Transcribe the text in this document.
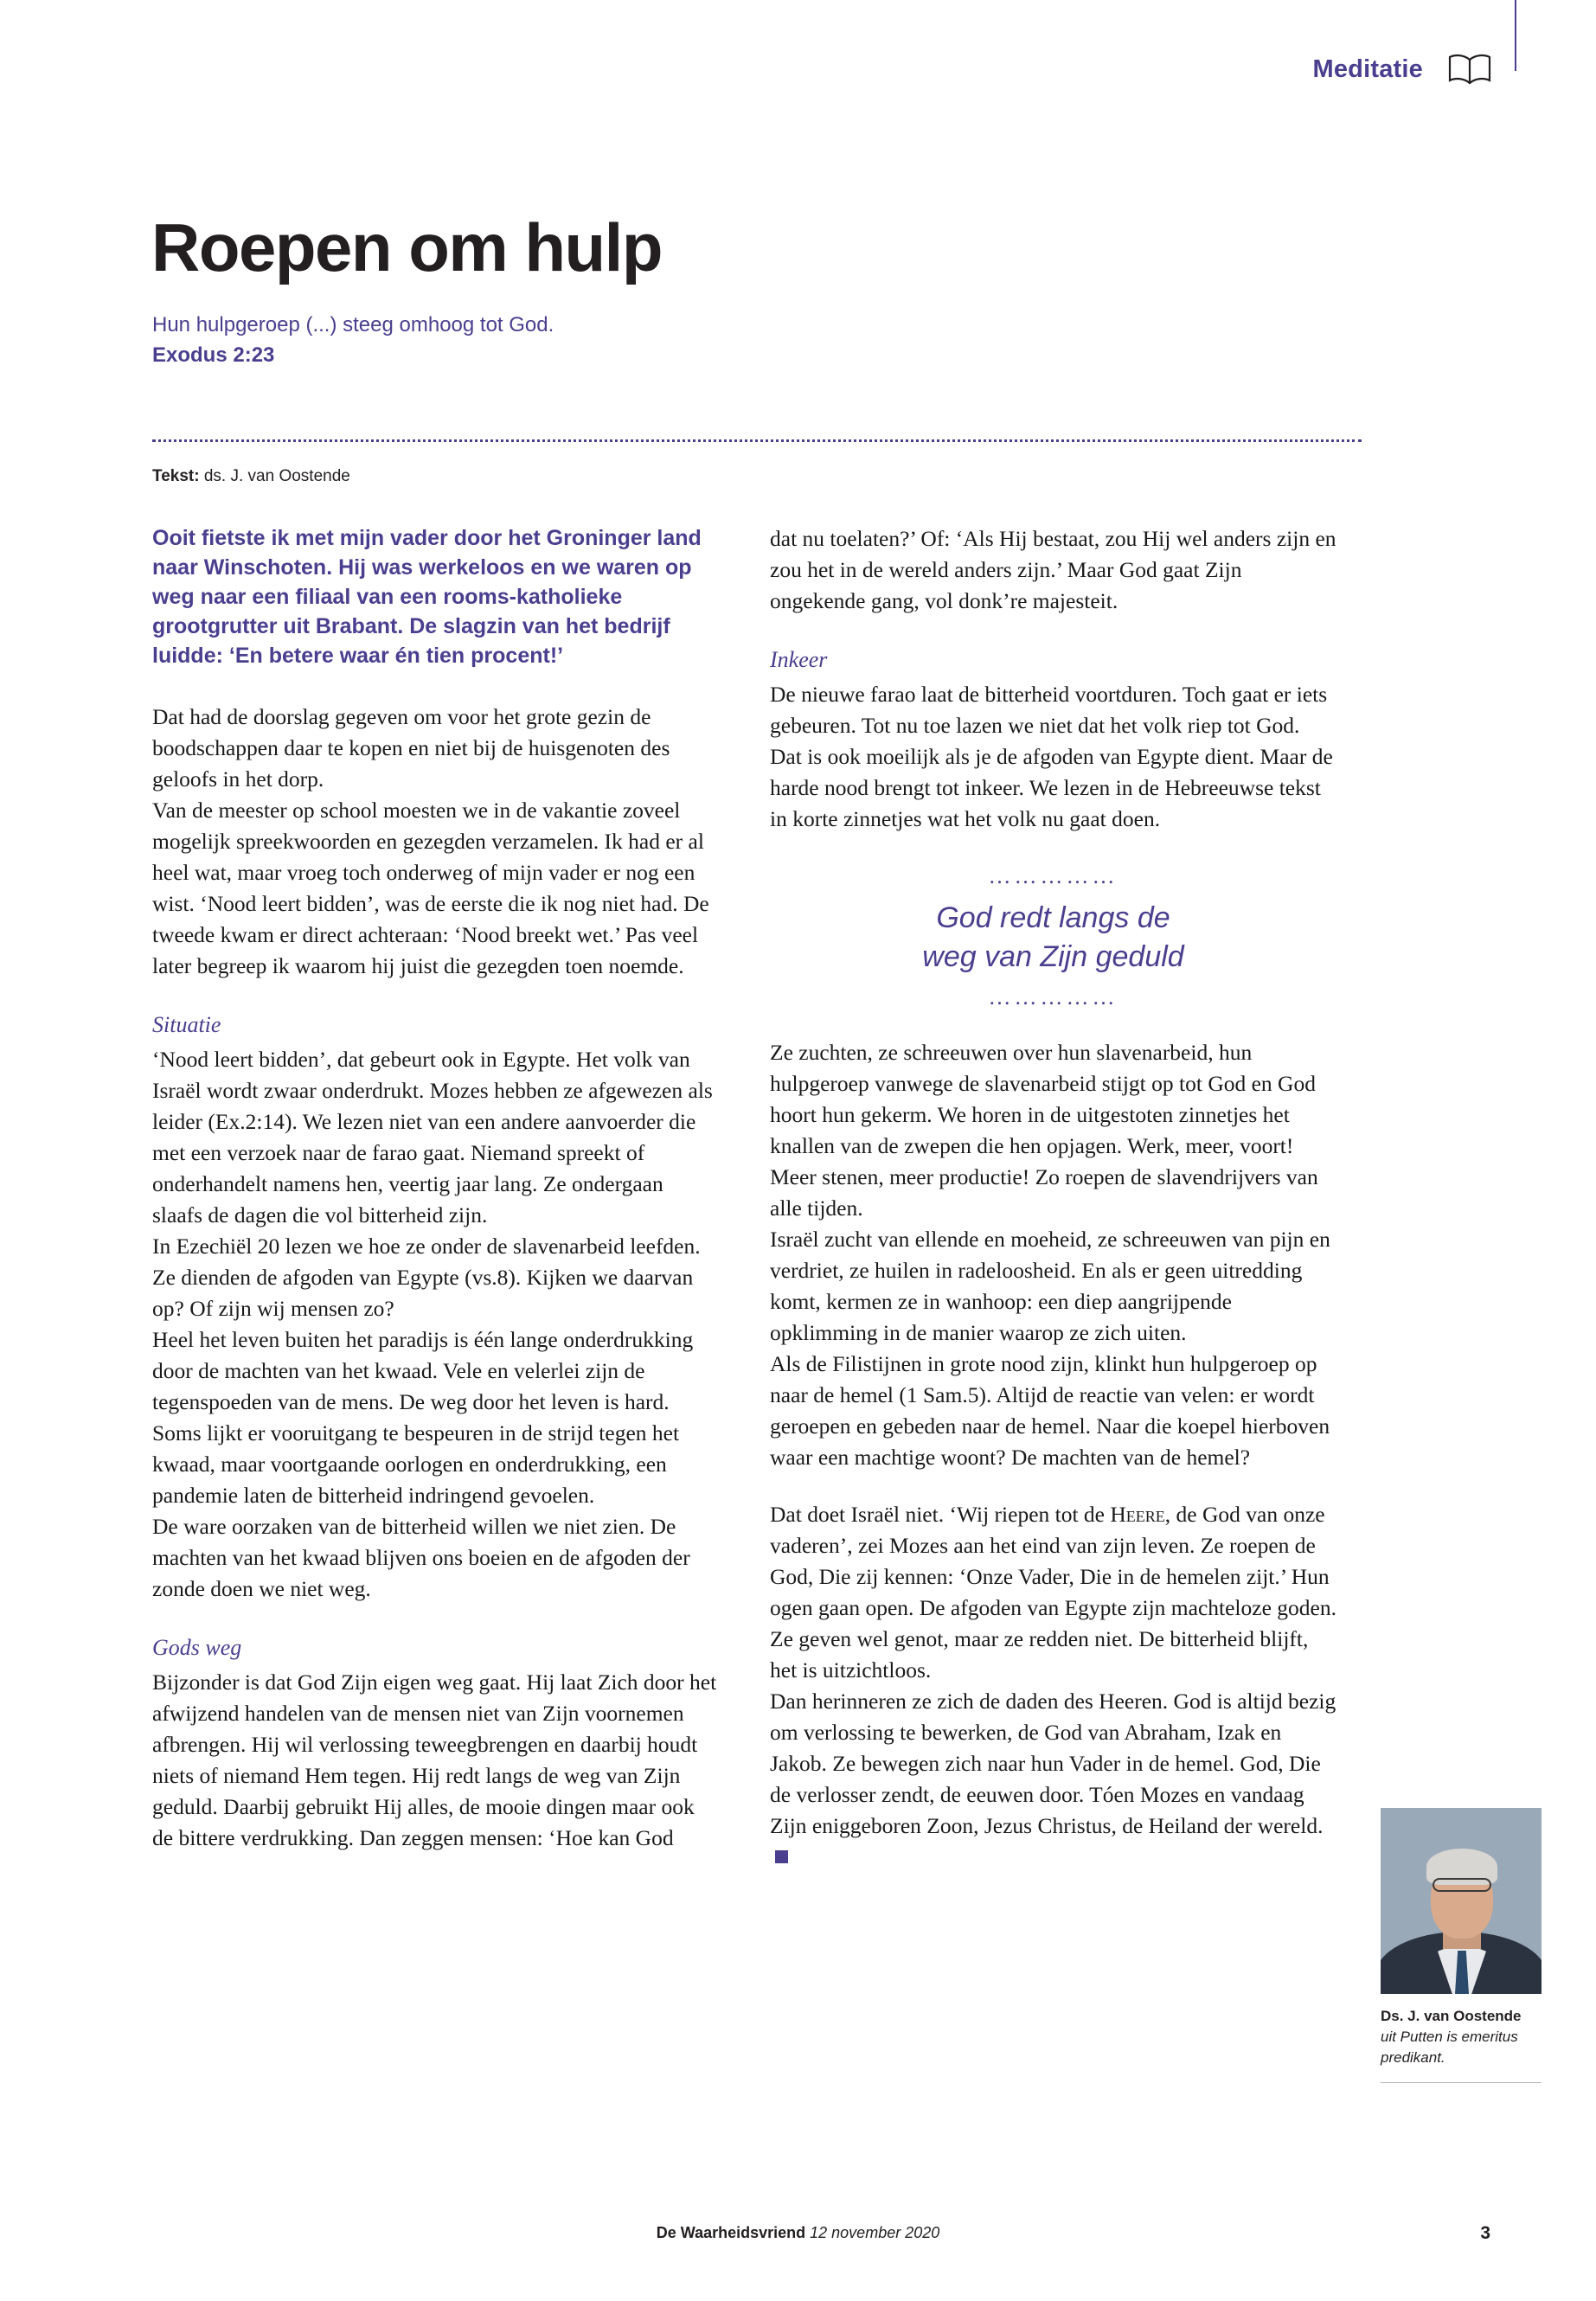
Meditatie
Roepen om hulp
Hun hulpgeroep (...) steeg omhoog tot God.
Exodus 2:23
Tekst: ds. J. van Oostende

Ooit fietste ik met mijn vader door het Groninger land naar Winschoten. Hij was werkeloos en we waren op weg naar een filiaal van een rooms-katholieke grootgrutter uit Brabant. De slagzin van het bedrijf luidde: ‘En betere waar én tien procent!’

Dat had de doorslag gegeven om voor het grote gezin de boodschappen daar te kopen en niet bij de huisgenoten des geloofs in het dorp.

Van de meester op school moesten we in de vakantie zoveel mogelijk spreekwoorden en gezegden verzamelen. Ik had er al heel wat, maar vroeg toch onderweg of mijn vader er nog een wist. ‘Nood leert bidden’, was de eerste die ik nog niet had. De tweede kwam er direct achteraan: ‘Nood breekt wet.’ Pas veel later begreep ik waarom hij juist die gezegden toen noemde.

Situatie

‘Nood leert bidden’, dat gebeurt ook in Egypte. Het volk van Israël wordt zwaar onderdrukt. Mozes hebben ze afgewezen als leider (Ex.2:14). We lezen niet van een andere aanvoerder die met een verzoek naar de farao gaat. Niemand spreekt of onderhandelt namens hen, veertig jaar lang. Ze ondergaan slaafs de dagen die vol bitterheid zijn.

In Ezechiël 20 lezen we hoe ze onder de slavenarbeid leefden. Ze dienden de afgoden van Egypte (vs.8). Kijken we daarvan op? Of zijn wij mensen zo?

Heel het leven buiten het paradijs is één lange onderdrukking door de machten van het kwaad. Vele en velerlei zijn de tegenspoeden van de mens. De weg door het leven is hard. Soms lijkt er vooruitgang te bespeuren in de strijd tegen het kwaad, maar voortgaande oorlogen en onderdrukking, een pandemie laten de bitterheid indringend gevoelen.

De ware oorzaken van de bitterheid willen we niet zien. De machten van het kwaad blijven ons boeien en de afgoden der zonde doen we niet weg.

Gods weg

Bijzonder is dat God Zijn eigen weg gaat. Hij laat Zich door het afwijzend handelen van de mensen niet van Zijn voornemen afbrengen. Hij wil verlossing teweegbrengen en daarbij houdt niets of niemand Hem tegen. Hij redt langs de weg van Zijn geduld. Daarbij gebruikt Hij alles, de mooie dingen maar ook de bittere verdrukking. Dan zeggen mensen: ‘Hoe kan God

dat nu toelaten?’ Of: ‘Als Hij bestaat, zou Hij wel anders zijn en zou het in de wereld anders zijn.’ Maar God gaat Zijn ongekende gang, vol donk’re majesteit.

Inkeer

De nieuwe farao laat de bitterheid voortduren. Toch gaat er iets gebeuren. Tot nu toe lazen we niet dat het volk riep tot God. Dat is ook moeilijk als je de afgoden van Egypte dient. Maar de harde nood brengt tot inkeer. We lezen in de Hebreeuwse tekst in korte zinnetjes wat het volk nu gaat doen.

……………
God redt langs de
weg van Zijn geduld
……………

Ze zuchten, ze schreeuwen over hun slavenarbeid, hun hulpgeroep vanwege de slavenarbeid stijgt op tot God en God hoort hun gekerm. We horen in de uitgestoten zinnetjes het knallen van de zwepen die hen opjagen. Werk, meer, voort! Meer stenen, meer productie! Zo roepen de slavendrijvers van alle tijden.

Israël zucht van ellende en moeheid, ze schreeuwen van pijn en verdriet, ze huilen in radeloosheid. En als er geen uitredding komt, kermen ze in wanhoop: een diep aangrijpende opklimming in de manier waarop ze zich uiten.

Als de Filistijnen in grote nood zijn, klinkt hun hulpgeroep op naar de hemel (1 Sam.5). Altijd de reactie van velen: er wordt geroepen en gebeden naar de hemel. Naar die koepel hierboven waar een machtige woont? De machten van de hemel?

Dat doet Israël niet. ‘Wij riepen tot de Heere, de God van onze vaderen’, zei Mozes aan het eind van zijn leven. Ze roepen de God, Die zij kennen: ‘Onze Vader, Die in de hemelen zijt.’ Hun ogen gaan open. De afgoden van Egypte zijn machteloze goden. Ze geven wel genot, maar ze redden niet. De bitterheid blijft, het is uitzichtloos.

Dan herinneren ze zich de daden des Heeren. God is altijd bezig om verlossing te bewerken, de God van Abraham, Izak en Jakob. Ze bewegen zich naar hun Vader in de hemel. God, Die de verlosser zendt, de eeuwen door. Tóen Mozes en vandaag Zijn eniggeboren Zoon, Jezus Christus, de Heiland der wereld.

Ds. J. van Oostende
uit Putten is emeritus
predikant.
De Waarheidsvriend 12 november 2020	3
